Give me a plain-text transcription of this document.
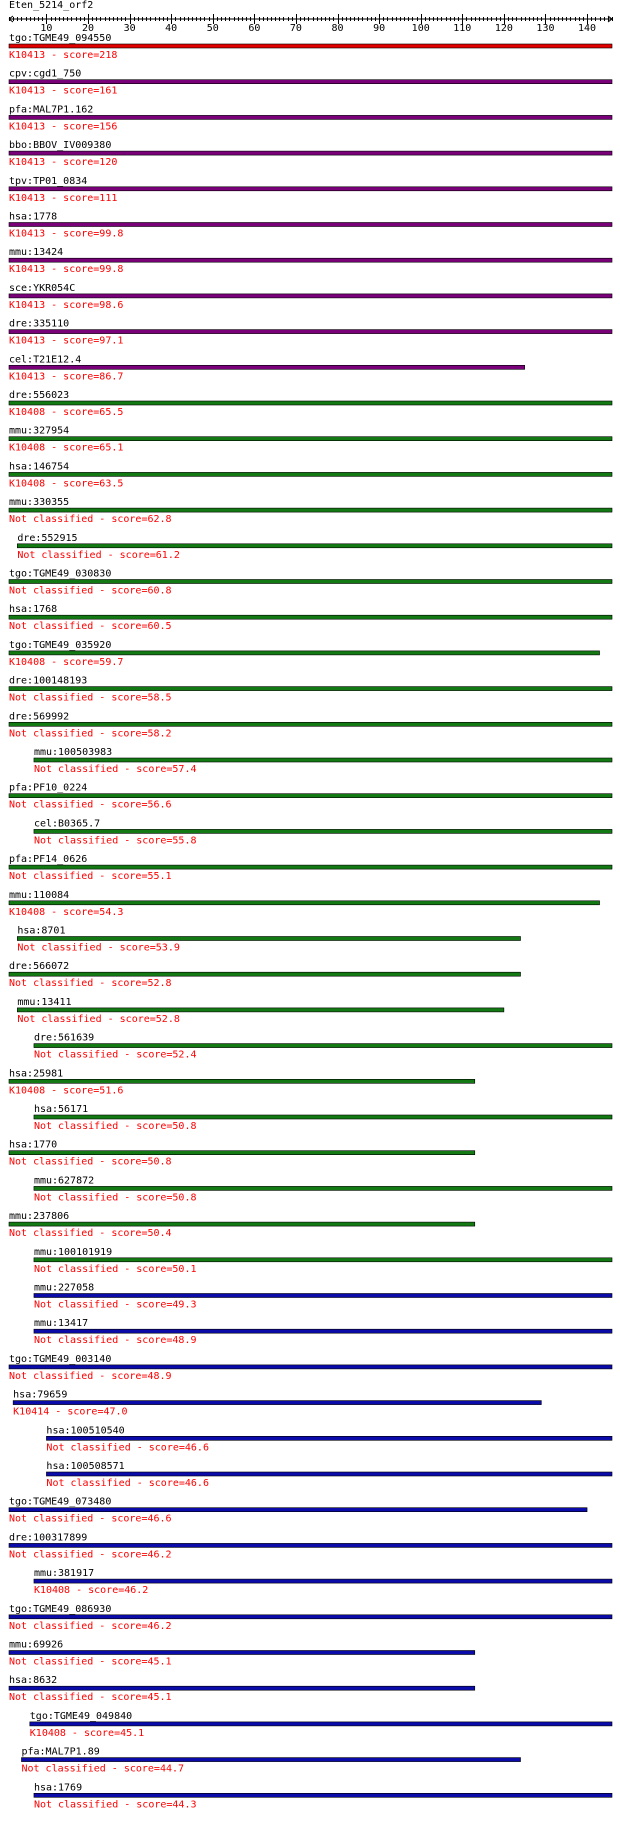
Eten_5214_orf2
10	20	30	40	50	60	70	80	90	100 110 120 130 140
tgo:TGME49_094550
K10413 - score=218
cpv:cgd1_750
K10413 - score=161
pfa:MAL7P1.162
K10413 - score=156
bbo:BBOV_IV009380
K10413 - score=120
tpv:TP01_0834
K10413 - score=111
hsa:1778
K10413 - score=99.8
mmu:13424
K10413 - score=99.8
sce:YKR054C
K10413 - score=98.6
dre:335110
K10413 - score=97.1
cel:T21E12.4
K10413 - score=86.7
dre:556023
K10408 - score=65.5
mmu:327954
K10408 - score=65.1
hsa:146754
K10408 - score=63.5
mmu:330355
Not classified - score=62.8
dre:552915
Not classified - score=61.2
tgo:TGME49_030830
Not classified - score=60.8
hsa:1768
Not classified - score=60.5
tgo:TGME49_035920
K10408 - score=59.7
dre:100148193
Not classified - score=58.5
dre:569992
Not classified - score=58.2
mmu:100503983
Not classified - score=57.4
pfa:PF10_0224
Not classified - score=56.6
cel:B0365.7
Not classified - score=55.8
pfa:PF14_0626
Not classified - score=55.1
mmu:110084
K10408 - score=54.3
hsa:8701
Not classified - score=53.9
dre:566072
Not classified - score=52.8
mmu:13411
Not classified - score=52.8
dre:561639
Not classified - score=52.4
hsa:25981
K10408 - score=51.6
hsa:56171
Not classified - score=50.8
hsa:1770
Not classified - score=50.8
mmu:627872
Not classified - score=50.8
mmu:237806
Not classified - score=50.4
mmu:100101919
Not classified - score=50.1
mmu:227058
Not classified - score=49.3
mmu:13417
Not classified - score=48.9
tgo:TGME49_003140
Not classified - score=48.9
hsa:79659
K10414 - score=47.0
hsa:100510540
Not classified - score=46.6
hsa:100508571
Not classified - score=46.6
tgo:TGME49_073480
Not classified - score=46.6
dre:100317899
Not classified - score=46.2
mmu:381917
K10408 - score=46.2
tgo:TGME49_086930
Not classified - score=46.2
mmu:69926
Not classified - score=45.1
hsa:8632
Not classified - score=45.1
tgo:TGME49_049840
K10408 - score=45.1
pfa:MAL7P1.89
Not classified - score=44.7
hsa:1769
Not classified - score=44.3
